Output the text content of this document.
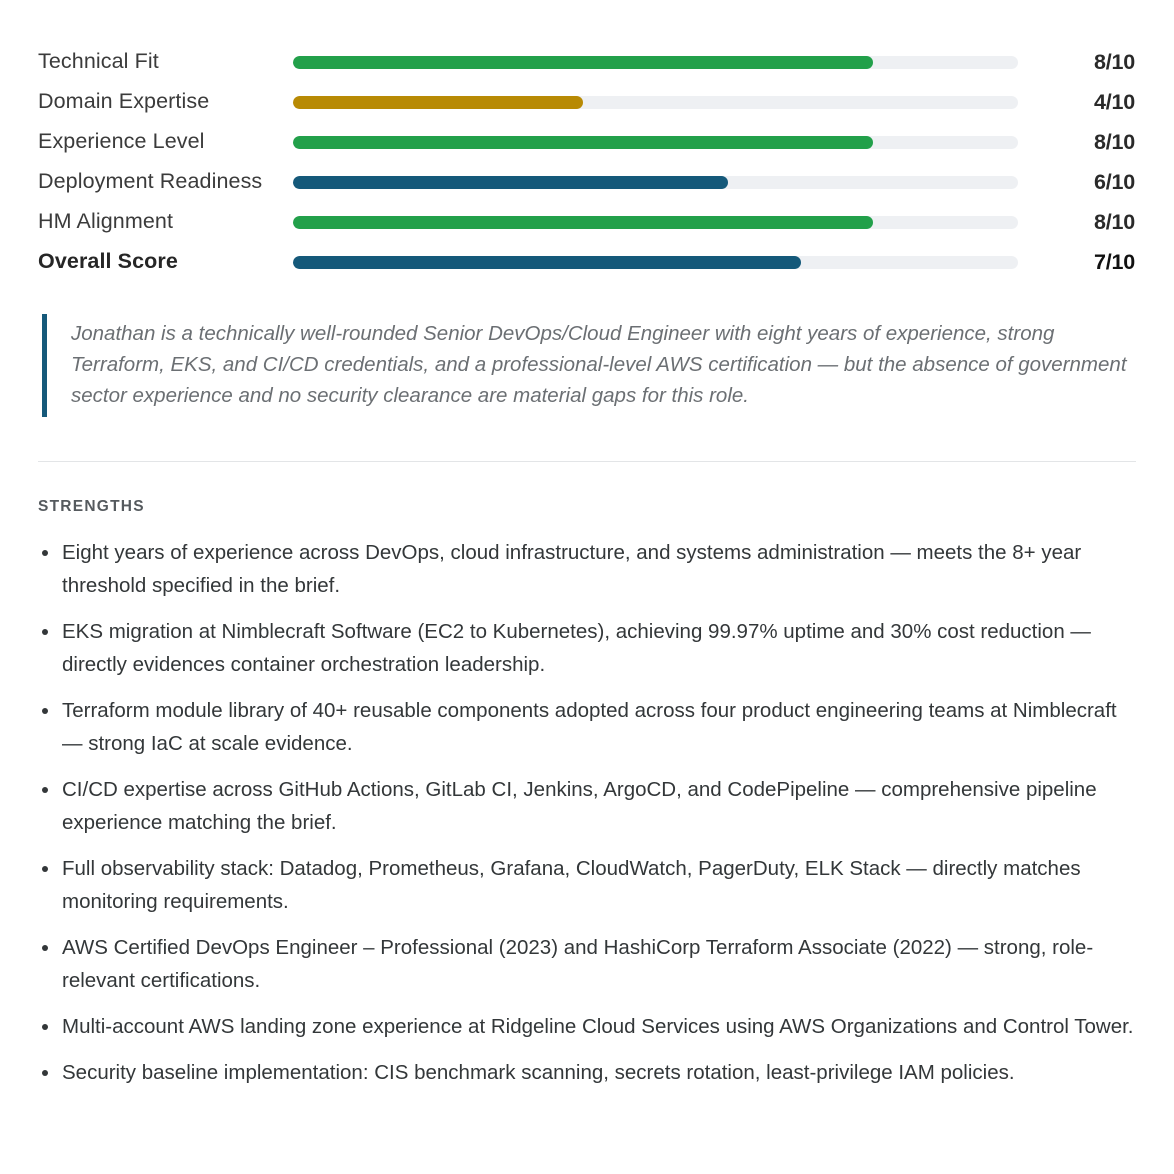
Technical Fit	8/10
Domain Expertise	4/10
Experience Level	8/10
Deployment Readiness	6/10
HM Alignment	8/10
Overall Score	7/10
Jonathan is a technically well-rounded Senior DevOps/Cloud Engineer with eight years of experience, strong Terraform, EKS, and CI/CD credentials, and a professional-level AWS certification — but the absence of government sector experience and no security clearance are material gaps for this role.
STRENGTHS
Eight years of experience across DevOps, cloud infrastructure, and systems administration — meets the 8+ year threshold specified in the brief.
EKS migration at Nimblecraft Software (EC2 to Kubernetes), achieving 99.97% uptime and 30% cost reduction — directly evidences container orchestration leadership.
Terraform module library of 40+ reusable components adopted across four product engineering teams at Nimblecraft — strong IaC at scale evidence.
CI/CD expertise across GitHub Actions, GitLab CI, Jenkins, ArgoCD, and CodePipeline — comprehensive pipeline experience matching the brief.
Full observability stack: Datadog, Prometheus, Grafana, CloudWatch, PagerDuty, ELK Stack — directly matches monitoring requirements.
AWS Certified DevOps Engineer – Professional (2023) and HashiCorp Terraform Associate (2022) — strong, role-relevant certifications.
Multi-account AWS landing zone experience at Ridgeline Cloud Services using AWS Organizations and Control Tower.
Security baseline implementation: CIS benchmark scanning, secrets rotation, least-privilege IAM policies.
